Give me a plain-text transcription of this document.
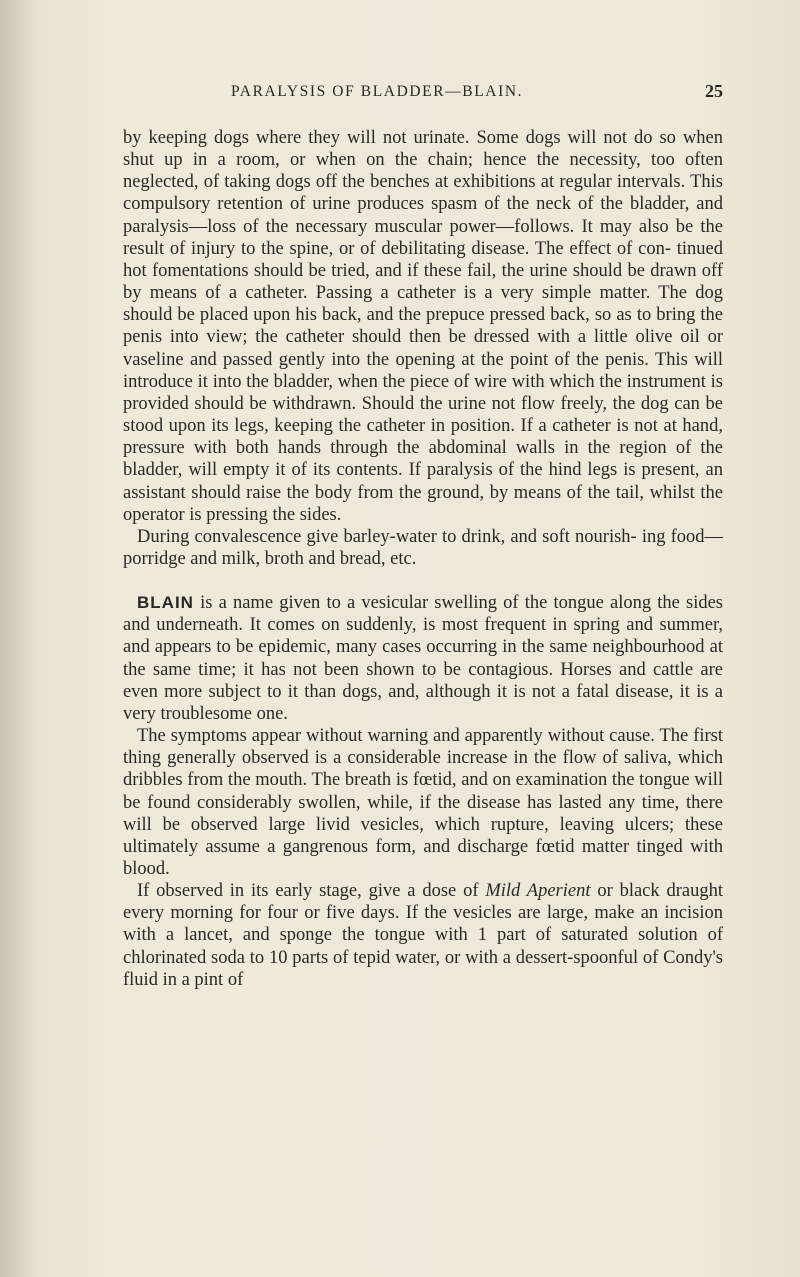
PARALYSIS OF BLADDER—BLAIN.	25

by keeping dogs where they will not urinate. Some dogs will not do so when shut up in a room, or when on the chain; hence the necessity, too often neglected, of taking dogs off the benches at exhibitions at regular intervals. This compulsory retention of urine produces spasm of the neck of the bladder, and paralysis—loss of the necessary muscular power—follows. It may also be the result of injury to the spine, or of debilitating disease. The effect of con- tinued hot fomentations should be tried, and if these fail, the urine should be drawn off by means of a catheter. Passing a catheter is a very simple matter. The dog should be placed upon his back, and the prepuce pressed back, so as to bring the penis into view; the catheter should then be dressed with a little olive oil or vaseline and passed gently into the opening at the point of the penis. This will introduce it into the bladder, when the piece of wire with which the instrument is provided should be withdrawn. Should the urine not flow freely, the dog can be stood upon its legs, keeping the catheter in position. If a catheter is not at hand, pressure with both hands through the abdominal walls in the region of the bladder, will empty it of its contents. If paralysis of the hind legs is present, an assistant should raise the body from the ground, by means of the tail, whilst the operator is pressing the sides.

During convalescence give barley-water to drink, and soft nourish- ing food—porridge and milk, broth and bread, etc.

BLAIN is a name given to a vesicular swelling of the tongue along the sides and underneath. It comes on suddenly, is most frequent in spring and summer, and appears to be epidemic, many cases occurring in the same neighbourhood at the same time; it has not been shown to be contagious. Horses and cattle are even more subject to it than dogs, and, although it is not a fatal disease, it is a very troublesome one.

The symptoms appear without warning and apparently without cause. The first thing generally observed is a considerable increase in the flow of saliva, which dribbles from the mouth. The breath is fœtid, and on examination the tongue will be found considerably swollen, while, if the disease has lasted any time, there will be observed large livid vesicles, which rupture, leaving ulcers; these ultimately assume a gangrenous form, and discharge fœtid matter tinged with blood.

If observed in its early stage, give a dose of Mild Aperient or black draught every morning for four or five days. If the vesicles are large, make an incision with a lancet, and sponge the tongue with 1 part of saturated solution of chlorinated soda to 10 parts of tepid water, or with a dessert-spoonful of Condy's fluid in a pint of
